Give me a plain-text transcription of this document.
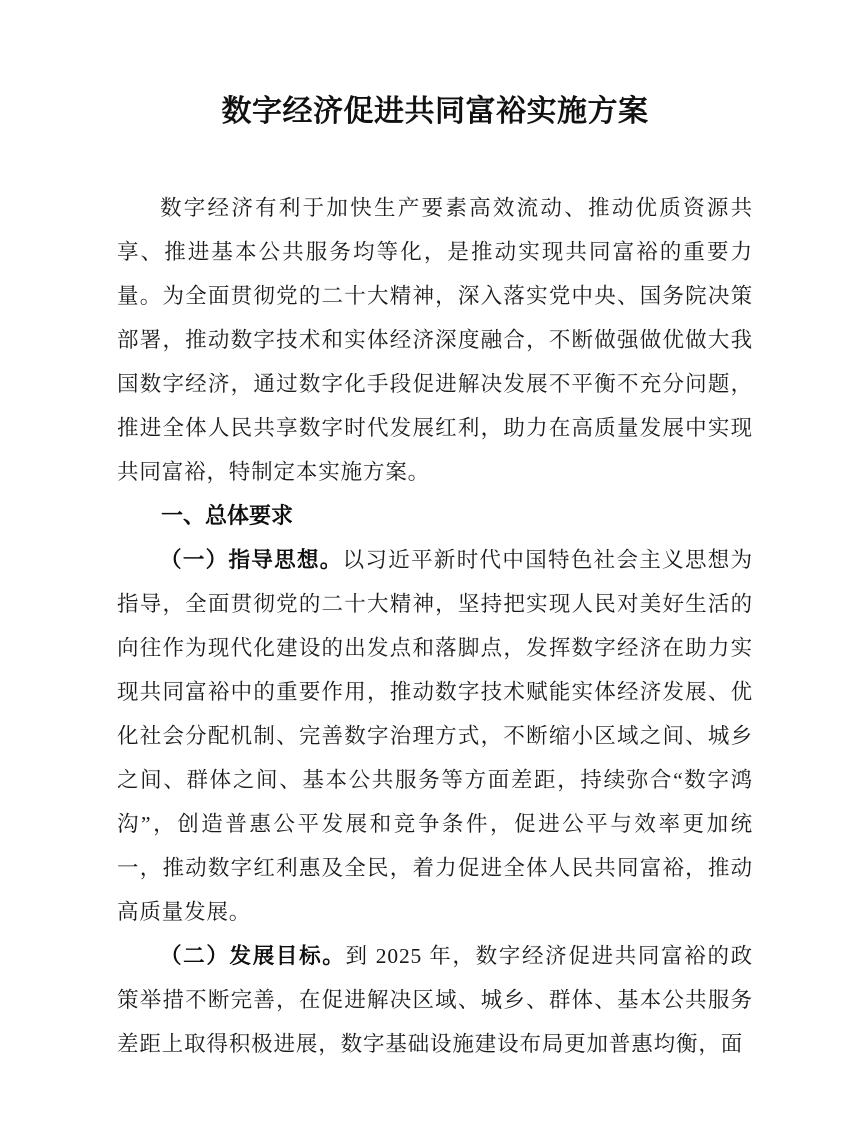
数字经济促进共同富裕实施方案

数字经济有利于加快生产要素高效流动、推动优质资源共享、推进基本公共服务均等化，是推动实现共同富裕的重要力量。为全面贯彻党的二十大精神，深入落实党中央、国务院决策部署，推动数字技术和实体经济深度融合，不断做强做优做大我国数字经济，通过数字化手段促进解决发展不平衡不充分问题，推进全体人民共享数字时代发展红利，助力在高质量发展中实现共同富裕，特制定本实施方案。

一、总体要求

（一）指导思想。以习近平新时代中国特色社会主义思想为指导，全面贯彻党的二十大精神，坚持把实现人民对美好生活的向往作为现代化建设的出发点和落脚点，发挥数字经济在助力实现共同富裕中的重要作用，推动数字技术赋能实体经济发展、优化社会分配机制、完善数字治理方式，不断缩小区域之间、城乡之间、群体之间、基本公共服务等方面差距，持续弥合“数字鸿沟”，创造普惠公平发展和竞争条件，促进公平与效率更加统一，推动数字红利惠及全民，着力促进全体人民共同富裕，推动高质量发展。

（二）发展目标。到 2025 年，数字经济促进共同富裕的政策举措不断完善，在促进解决区域、城乡、群体、基本公共服务差距上取得积极进展，数字基础设施建设布局更加普惠均衡，面
